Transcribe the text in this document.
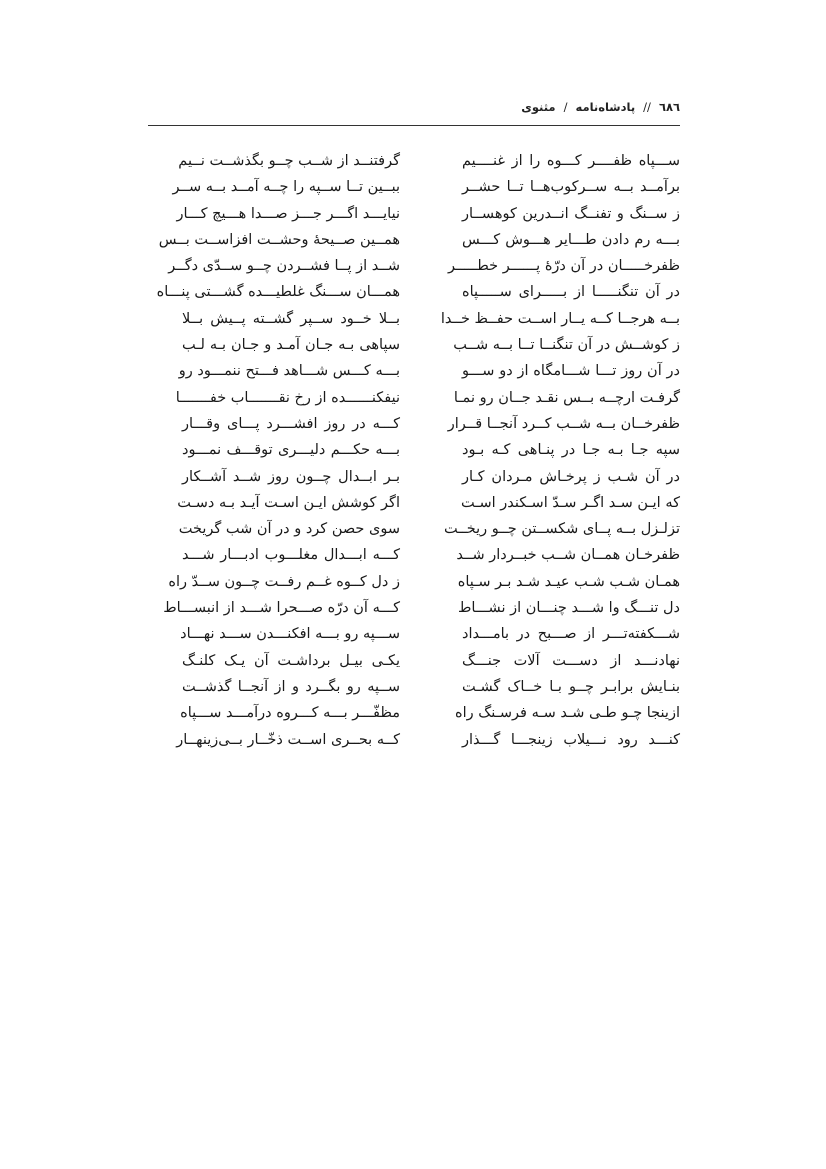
٦٨٦ // پادشاه‌نامه / مثنوی
ســـپاه ظفــــر کـــوه را از غنــــیم
گرفتنــد از شــب چــو بگذشــت نــیم
برآمــد بــه ســرکوب‌هــا تــا حشــر
ببــین تــا ســپه را چــه آمــد بــه ســر
ز ســنگ و تفنــگ انــدرین کوهســار
نیایـــد اگـــر جـــز صـــدا هـــیچ کـــار
بـــه رم دادن طـــایر هـــوش کـــس
همــین صــیحهٔ وحشــت افزاســت بــس
ظفرخـــــان در آن درّهٔ پــــــر خطـــــر
شــد از پــا فشــردن چــو ســدّی دگــر
در آن تنگنـــــا از بـــــرای ســـــپاه
همـــان ســـنگ غلطیـــده گشـــتی پنـــاه
بــه هرجــا کــه یــار اســت حفــظ خــدا
بــلا خــود ســپر گشــته پــیش بــلا
ز کوشــش در آن تنگنــا تــا بــه شــب
سپاهی بـه جـان آمـد و جـان بـه لـب
در آن روز تـــا شـــامگاه از دو ســـو
بـــه کـــس شـــاهد فـــتح ننمـــود رو
گرفـت ارچــه بــس نقـد جــان رو نمـا
نیفکنــــــده از رخ نقـــــــاب خفـــــــا
ظفرخــان بــه شــب کــرد آنجــا قــرار
کـــه در روز افشـــرد پـــای وقـــار
سپه جـا بـه جـا در پنـاهی کـه بـود
بـــه حکـــم دلیـــری توقـــف نمـــود
در آن شـب ز پرخـاش مـردان کـار
بـر ابــدال چــون روز شــد آشــکار
که ایـن سـد اگـر سـدّ اسـکندر اسـت
اگر کوشش ایـن اسـت آیـد بـه دسـت
تزلـزل بــه پــای شکســتن چــو ریخــت
سوی حصن کرد و در آن شب گریخت
ظفرخـان همــان شــب خبــردار شــد
کـــه ابـــدال مغلـــوب ادبـــار شـــد
همـان شـب شـب عیـد شـد بـر سـپاه
ز دل کــوه غــم رفــت چــون ســدّ راه
دل تنـــگ وا شـــد چنـــان از نشـــاط
کـــه آن درّه صـــحرا شـــد از انبســـاط
شـــکفته‌تـــر از صـــبح در بامـــداد
ســـپه رو بـــه افکنـــدن ســـد نهـــاد
نهادنـــد از دســـت آلات جنـــگ
یکـی بیـل برداشـت آن یـک کلنـگ
بنـایش برابـر چــو بـا خــاک گشـت
ســپه رو بگــرد و از آنجــا گذشــت
ازینجا چـو طـی شـد سـه فرسـنگ راه
مظفّـــر بـــه کـــروه درآمـــد ســـپاه
کنـــد رود نـــیلاب زینجـــا گـــذار
کــه بحــری اســت ذخّــار بــی‌زینهــار
